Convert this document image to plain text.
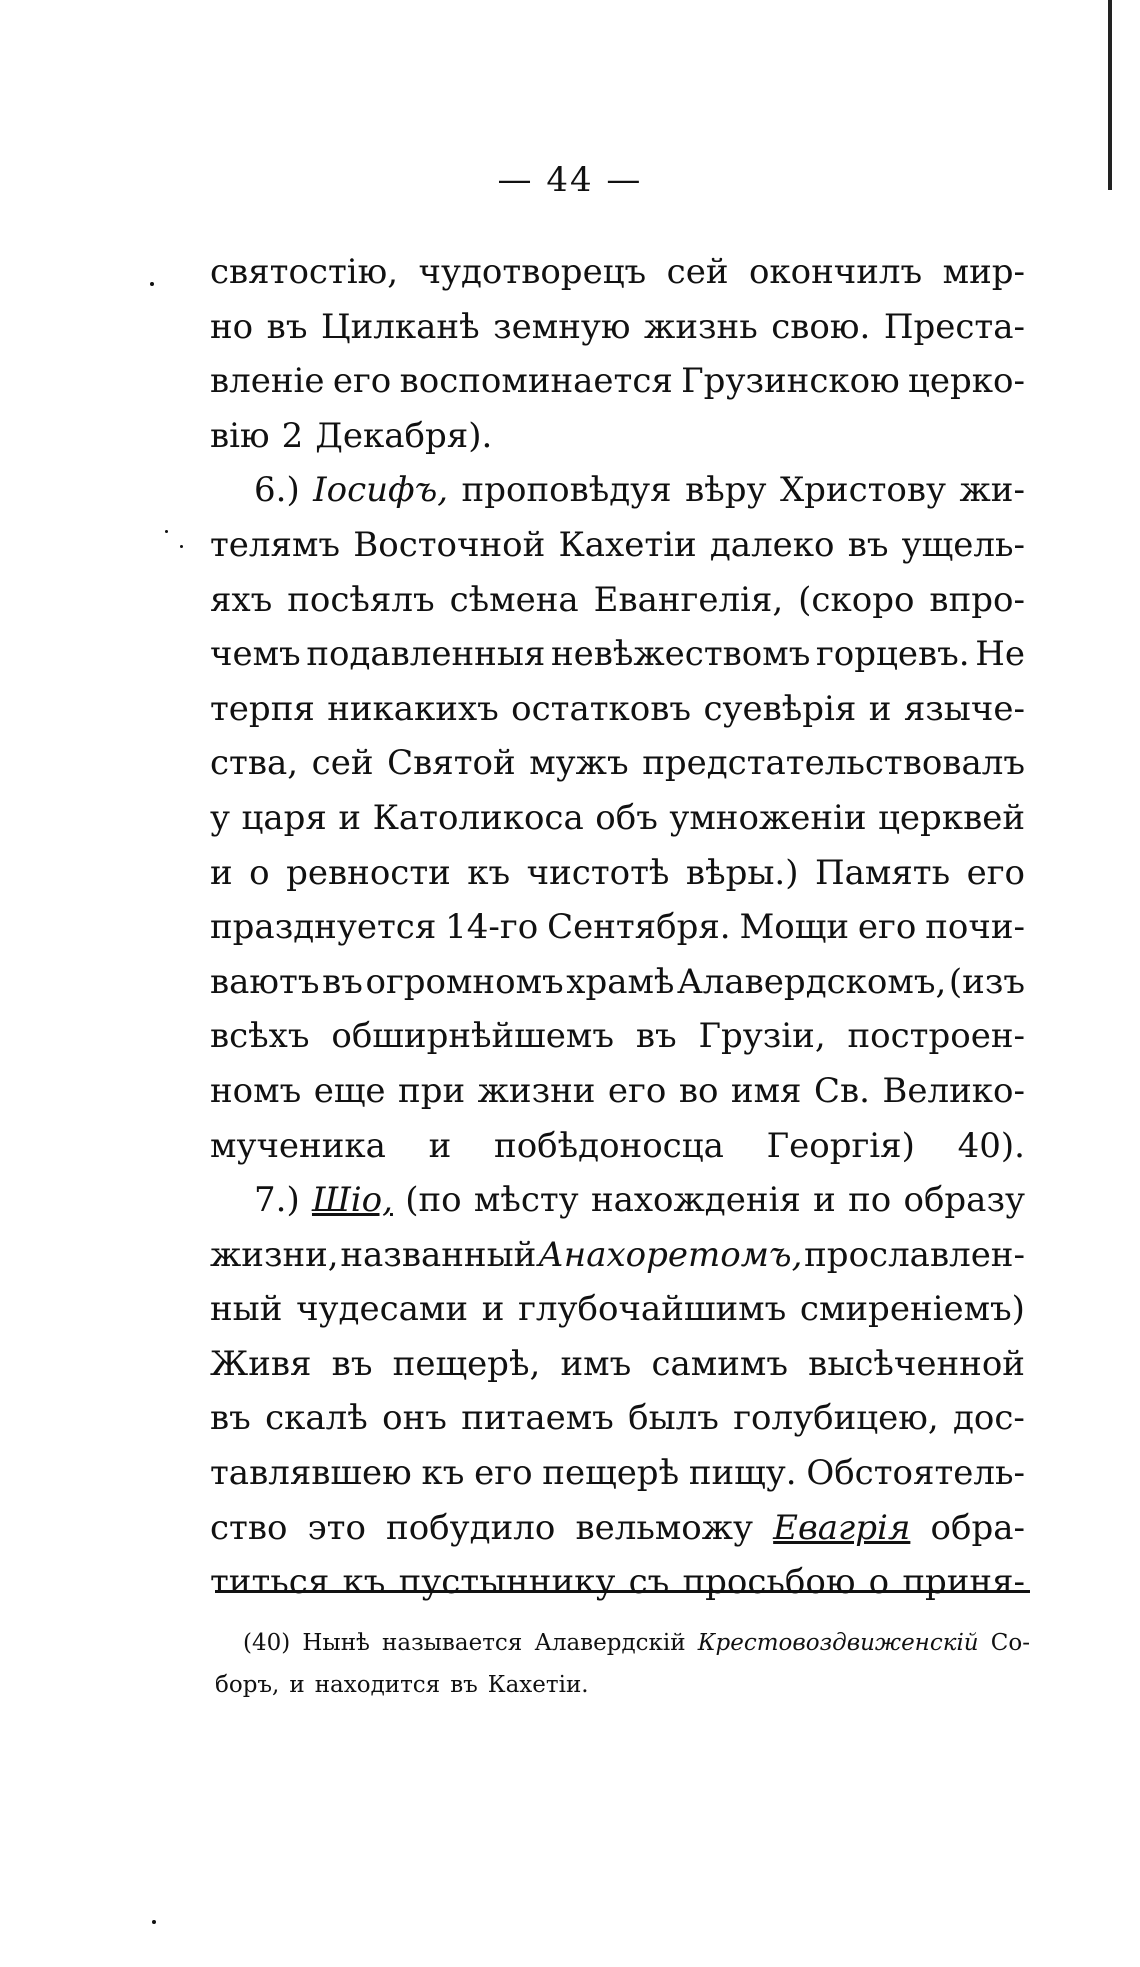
— 44 —
святостію, чудотворецъ сей окончилъ мир-
но въ Цилканѣ земную жизнь свою. Преста-
вленіе его воспоминается Грузинскою церко-
вію 2 Декабря).
6.) Іосифъ, проповѣдуя вѣру Христову жи-
телямъ Восточной Кахетіи далеко въ ущель-
яхъ посѣялъ сѣмена Евангелія, (скоро впро-
чемъ подавленныя невѣжествомъ горцевъ. Не
терпя никакихъ остатковъ суевѣрія и язычe-
ства, сей Святой мужъ предстательствовалъ
у царя и Католикоса объ умноженіи церквей
и о ревности къ чистотѣ вѣры.) Память его
празднуется 14-го Сентября. Мощи его почи-
ваютъ въ огромномъ храмѣ Алавердскомъ, (изъ
всѣхъ обширнѣйшемъ въ Грузіи, построен-
номъ еще при жизни его во имя Св. Велико-
мученика и побѣдоносца Георгія) 40).
7.) Шіо, (по мѣсту нахожденія и по образу
жизни, названный Анахоретомъ, прославлен-
ный чудесами и глубочайшимъ смиреніемъ)
Живя въ пещерѣ, имъ самимъ высѣченной
въ скалѣ онъ питаемъ былъ голубицею, дос-
тавлявшею къ его пещерѣ пищу. Обстоятель-
ство это побудило вельможу Евагрія обра-
титься къ пустыннику съ просьбою о приня-
(40) Нынѣ называется Алавердскій Крестовоздвиженскій Со-
боръ, и находится въ Кахетіи.
